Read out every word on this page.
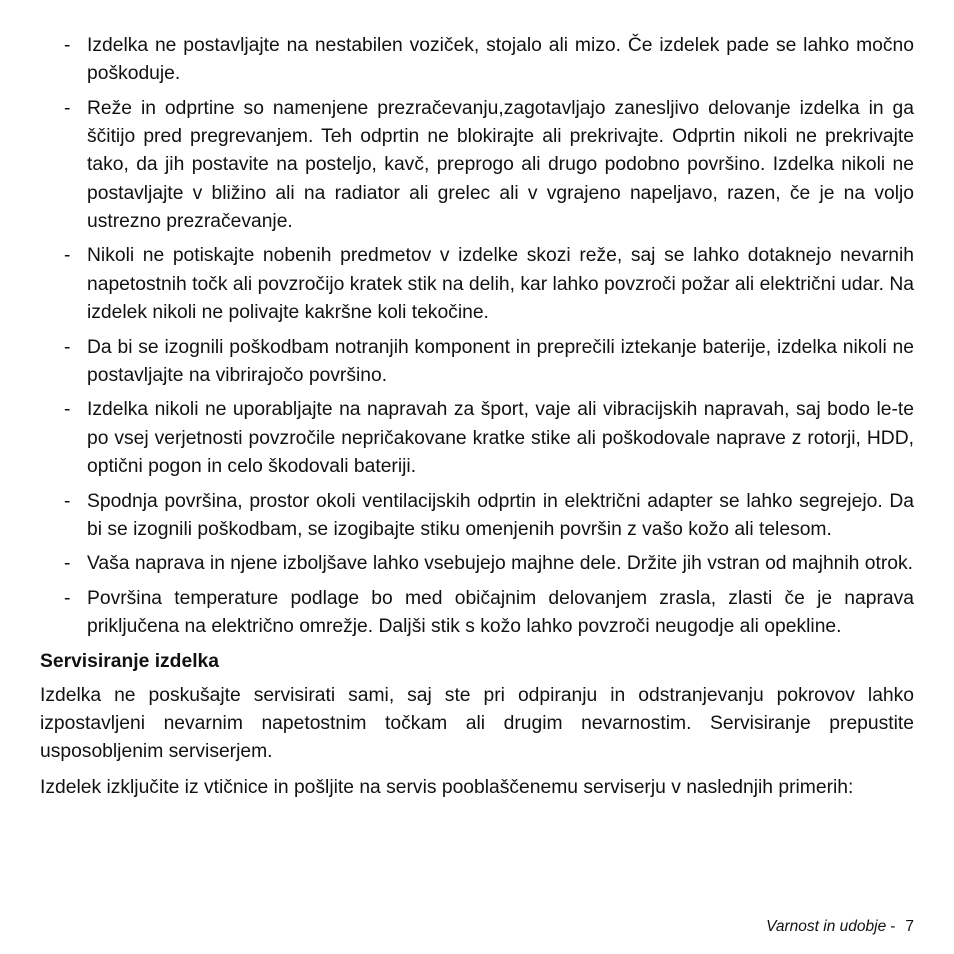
- Izdelka ne postavljajte na nestabilen voziček, stojalo ali mizo. Če izdelek pade se lahko močno poškoduje.
- Reže in odprtine so namenjene prezračevanju,zagotavljajo zanesljivo delovanje izdelka in ga ščitijo pred pregrevanjem. Teh odprtin ne blokirajte ali prekrivajte. Odprtin nikoli ne prekrivajte tako, da jih postavite na posteljo, kavč, preprogo ali drugo podobno površino. Izdelka nikoli ne postavljajte v bližino ali na radiator ali grelec ali v vgrajeno napeljavo, razen, če je na voljo ustrezno prezračevanje.
- Nikoli ne potiskajte nobenih predmetov v izdelke skozi reže, saj se lahko dotaknejo nevarnih napetostnih točk ali povzročijo kratek stik na delih, kar lahko povzroči požar ali električni udar. Na izdelek nikoli ne polivajte kakršne koli tekočine.
- Da bi se izognili poškodbam notranjih komponent in preprečili iztekanje baterije, izdelka nikoli ne postavljajte na vibrirajočo površino.
- Izdelka nikoli ne uporabljajte na napravah za šport, vaje ali vibracijskih napravah, saj bodo le-te po vsej verjetnosti povzročile nepričakovane kratke stike ali poškodovale naprave z rotorji, HDD, optični pogon in celo škodovali bateriji.
- Spodnja površina, prostor okoli ventilacijskih odprtin in električni adapter se lahko segrejejo. Da bi se izognili poškodbam, se izogibajte stiku omenjenih površin z vašo kožo ali telesom.
- Vaša naprava in njene izboljšave lahko vsebujejo majhne dele. Držite jih vstran od majhnih otrok.
- Površina temperature podlage bo med običajnim delovanjem zrasla, zlasti če je naprava priključena na električno omrežje. Daljši stik s kožo lahko povzroči neugodje ali opekline.
Servisiranje izdelka

Izdelka ne poskušajte servisirati sami, saj ste pri odpiranju in odstranjevanju pokrovov lahko izpostavljeni nevarnim napetostnim točkam ali drugim nevarnostim. Servisiranje prepustite usposobljenim serviserjem.

Izdelek izključite iz vtičnice in pošljite na servis pooblaščenemu serviserju v naslednjih primerih:

Varnost in udobje - 7
